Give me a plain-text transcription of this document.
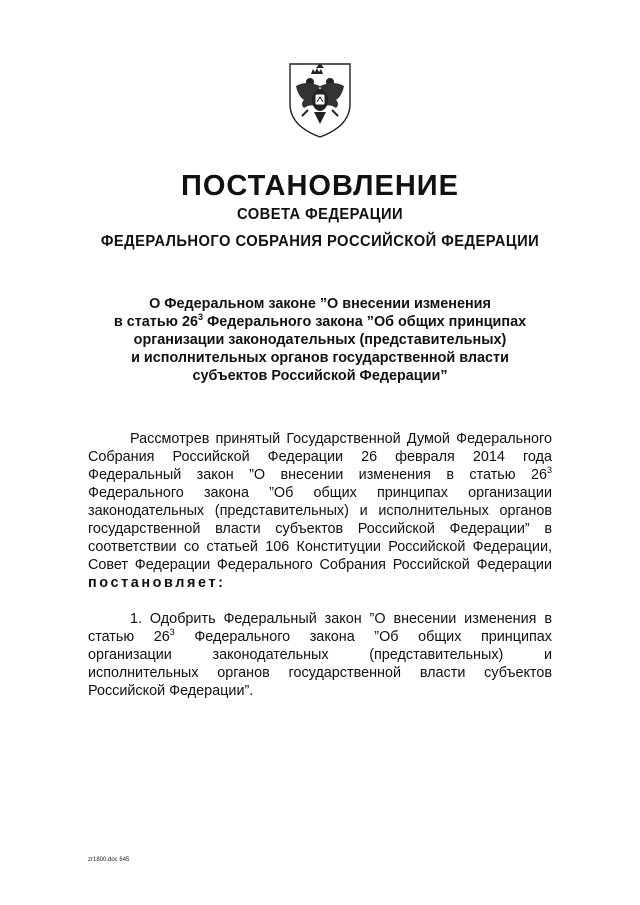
ПОСТАНОВЛЕНИЕ
СОВЕТА ФЕДЕРАЦИИ
ФЕДЕРАЛЬНОГО СОБРАНИЯ РОССИЙСКОЙ ФЕДЕРАЦИИ
О Федеральном законе ”О внесении изменения
в статью $26^3$ Федерального закона ”Об общих принципах
организации законодательных (представительных)
и исполнительных органов государственной власти
субъектов Российской Федерации”
Рассмотрев принятый Государственной Думой Федерального
Собрания Российской Федерации 26 февраля 2014 года
Федеральный закон ”О внесении изменения в статью $26^3$
Федерального закона ”Об общих принципах организации
законодательных (представительных) и исполнительных органов
государственной власти субъектов Российской Федерации” в
соответствии со статьей 106 Конституции Российской Федерации,
Совет Федерации Федерального Собрания Российской Федерации
постановляет:
1. Одобрить Федеральный закон ”О внесении изменения в
статью $26^3$ Федерального закона ”Об общих принципах
организации законодательных (представительных) и
исполнительных органов государственной власти субъектов
Российской Федерации”.
zr1800.doc 645
